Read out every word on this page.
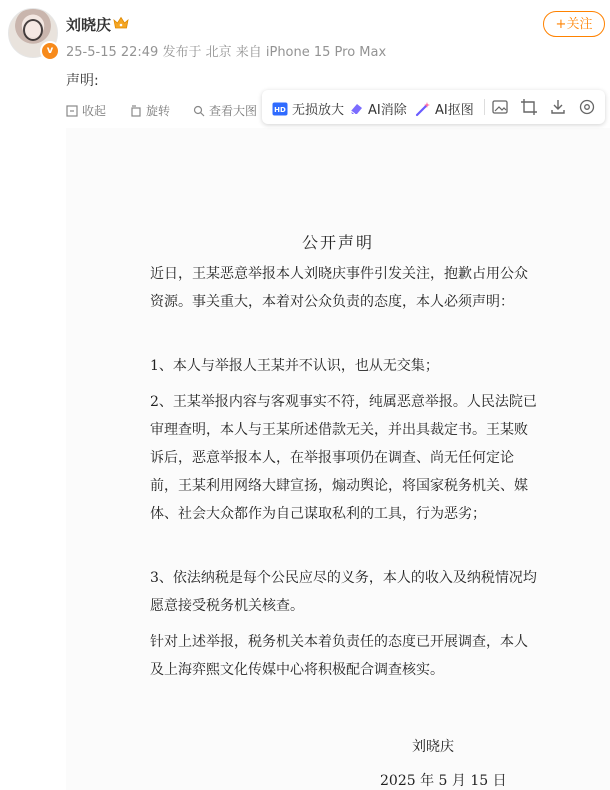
v
刘晓庆
25-5-15 22:49 发布于 北京 来自 iPhone 15 Pro Max
+关注
声明:
收起	旋转	查看大图
公开声明
近日，王某恶意举报本人刘晓庆事件引发关注，抱歉占用公众资源。事关重大，本着对公众负责的态度，本人必须声明：
1、本人与举报人王某并不认识，也从无交集；
2、王某举报内容与客观事实不符，纯属恶意举报。人民法院已审理查明，本人与王某所述借款无关，并出具裁定书。王某败诉后，恶意举报本人，在举报事项仍在调查、尚无任何定论前，王某利用网络大肆宣扬，煽动舆论，将国家税务机关、媒体、社会大众都作为自己谋取私利的工具，行为恶劣；
3、依法纳税是每个公民应尽的义务，本人的收入及纳税情况均愿意接受税务机关核查。
针对上述举报，税务机关本着负责任的态度已开展调查，本人及上海弈熙文化传媒中心将积极配合调查核实。
刘晓庆
2025 年 5 月 15 日
HD 无损放大 AI消除 AI抠图
